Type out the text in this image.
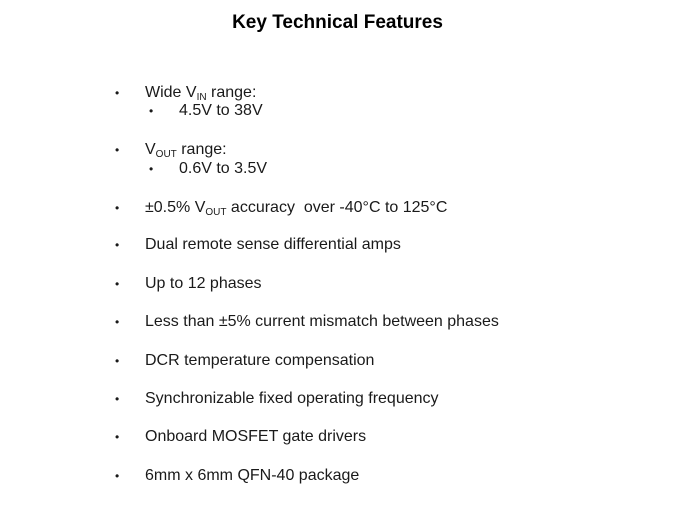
Key Technical Features
• Wide $V_{IN}$ range:
• 4.5V to 38V
• $V_{OUT}$ range:
• 0.6V to 3.5V
• ±0.5% $V_{OUT}$ accuracy  over -40°C to 125°C
• Dual remote sense differential amps
• Up to 12 phases
• Less than ±5% current mismatch between phases
• DCR temperature compensation
• Synchronizable fixed operating frequency
• Onboard MOSFET gate drivers
• 6mm x 6mm QFN-40 package
